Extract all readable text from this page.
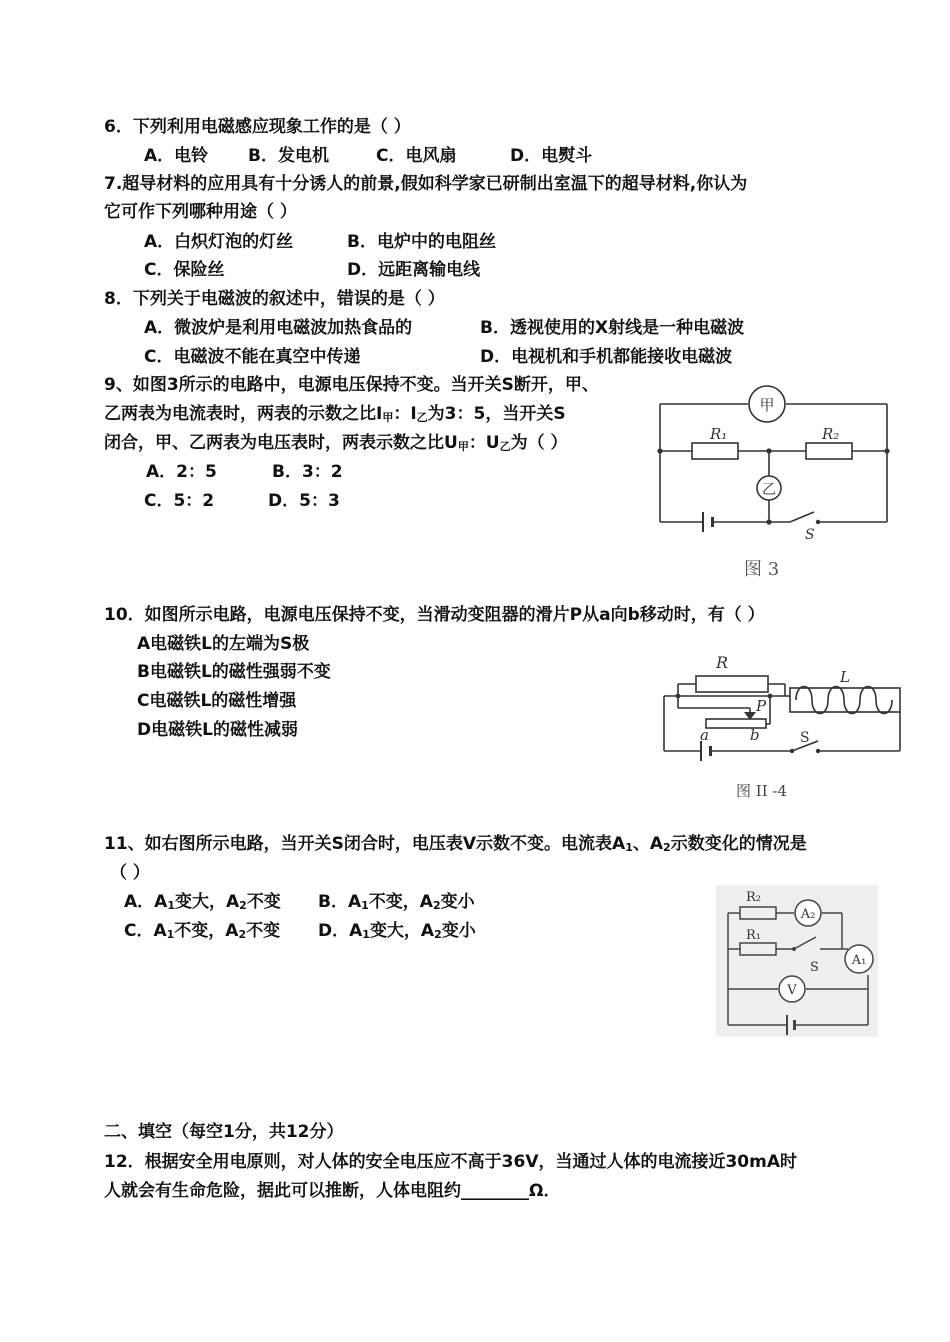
6．下列利用电磁感应现象工作的是（ ）
A．电铃 B．发电机	C．电风扇	D．电熨斗
7.超导材料的应用具有十分诱人的前景,假如科学家已研制出室温下的超导材料,你认为
它可作下列哪种用途（ ）
A．白炽灯泡的灯丝	B．电炉中的电阻丝
C．保险丝	D．远距离输电线
8．下列关于电磁波的叙述中，错误的是（ ）
A．微波炉是利用电磁波加热食品的	B．透视使用的X射线是一种电磁波
C．电磁波不能在真空中传递	D．电视机和手机都能接收电磁波
9、如图3所示的电路中，电源电压保持不变。当开关S断开，甲、
乙两表为电流表时，两表的示数之比I甲：I乙为3：5，当开关S
闭合，甲、乙两表为电压表时，两表示数之比U甲：U乙为（ ）
A．2：5	B．3：2
C．5：2	D．5：3
甲
乙
R₁	R₂
S
图 3
10．如图所示电路，电源电压保持不变，当滑动变阻器的滑片P从a向b移动时，有（ ）
A电磁铁L的左端为S极
B电磁铁L的磁性强弱不变
C电磁铁L的磁性增强
D电磁铁L的磁性减弱
R
P
a	b
L
S
图 II -4
11、如右图所示电路，当开关S闭合时，电压表V示数不变。电流表A1、A2示数变化的情况是
（ ）
A．A1变大，A2不变 B．A1不变，A2变小
C．A1不变，A2不变 D．A1变大，A2变小
A₂
A₁
V
R₂
R₁
S
二、填空（每空1分，共12分）
12．根据安全用电原则，对人体的安全电压应不高于36V，当通过人体的电流接近30mA时
人就会有生命危险，据此可以推断，人体电阻约________Ω．
